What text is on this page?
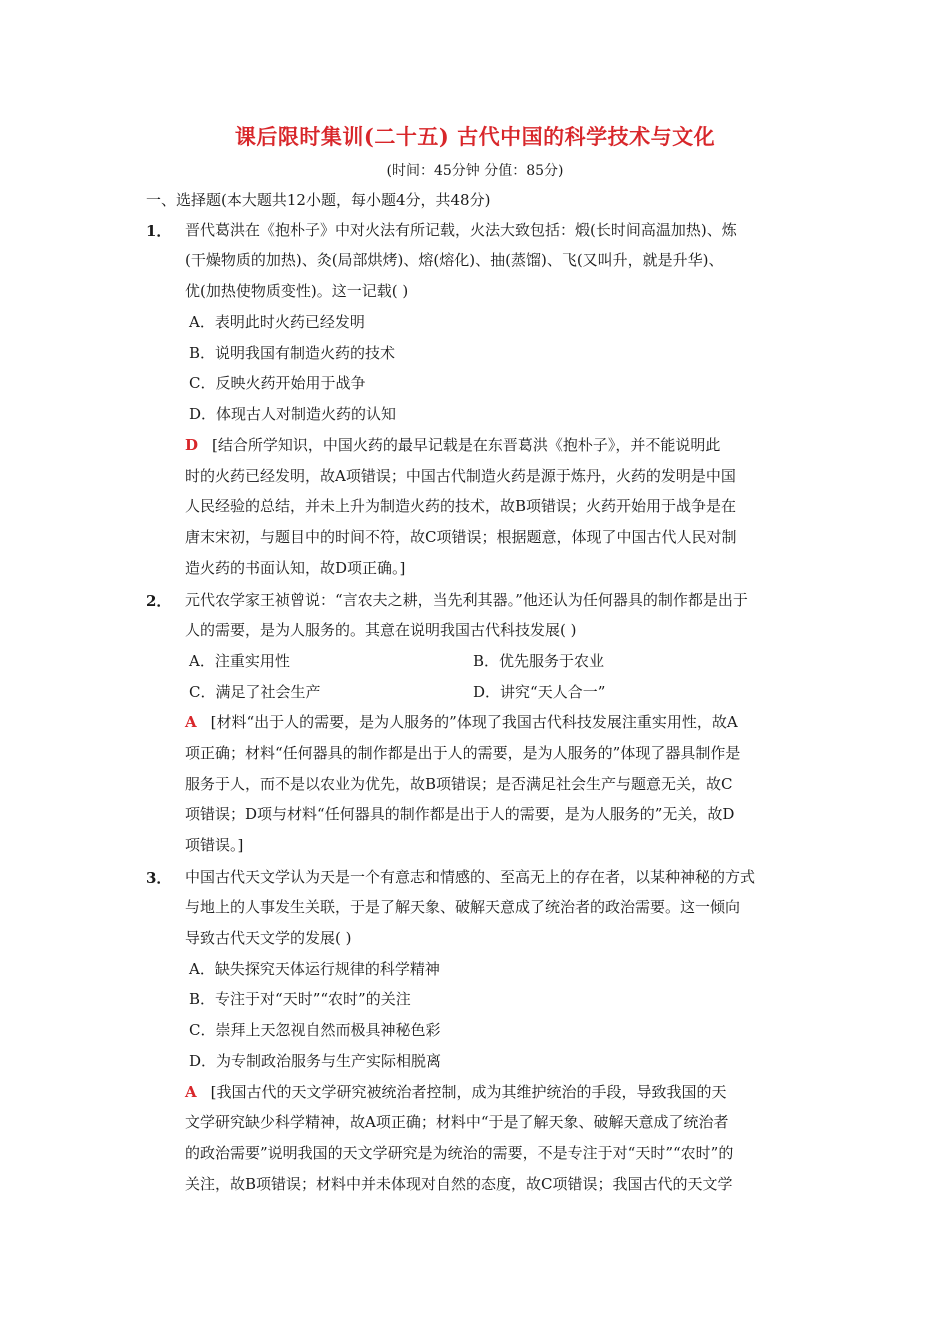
课后限时集训(二十五) 古代中国的科学技术与文化
(时间：45分钟 分值：85分)
一、选择题(本大题共12小题，每小题4分，共48分)
1． 晋代葛洪在《抱朴子》中对火法有所记载，火法大致包括：煅(长时间高温加热)、炼
(干燥物质的加热)、灸(局部烘烤)、熔(熔化)、抽(蒸馏)、飞(又叫升，就是升华)、
优(加热使物质变性)。这一记载( )
A．表明此时火药已经发明
B．说明我国有制造火药的技术
C．反映火药开始用于战争
D．体现古人对制造火药的认知
D [结合所学知识，中国火药的最早记载是在东晋葛洪《抱朴子》，并不能说明此
时的火药已经发明，故A项错误；中国古代制造火药是源于炼丹，火药的发明是中国
人民经验的总结，并未上升为制造火药的技术，故B项错误；火药开始用于战争是在
唐末宋初，与题目中的时间不符，故C项错误；根据题意，体现了中国古代人民对制
造火药的书面认知，故D项正确。]
2． 元代农学家王祯曾说：“言农夫之耕，当先利其器。”他还认为任何器具的制作都是出于
人的需要，是为人服务的。其意在说明我国古代科技发展( )
A．注重实用性	B．优先服务于农业
C．满足了社会生产	D．讲究“天人合一”
A [材料“出于人的需要，是为人服务的”体现了我国古代科技发展注重实用性，故A
项正确；材料“任何器具的制作都是出于人的需要，是为人服务的”体现了器具制作是
服务于人，而不是以农业为优先，故B项错误；是否满足社会生产与题意无关，故C
项错误；D项与材料“任何器具的制作都是出于人的需要，是为人服务的”无关，故D
项错误。]
3． 中国古代天文学认为天是一个有意志和情感的、至高无上的存在者，以某种神秘的方式
与地上的人事发生关联，于是了解天象、破解天意成了统治者的政治需要。这一倾向
导致古代天文学的发展( )
A．缺失探究天体运行规律的科学精神
B．专注于对“天时”“农时”的关注
C．崇拜上天忽视自然而极具神秘色彩
D．为专制政治服务与生产实际相脱离
A [我国古代的天文学研究被统治者控制，成为其维护统治的手段，导致我国的天
文学研究缺少科学精神，故A项正确；材料中“于是了解天象、破解天意成了统治者
的政治需要”说明我国的天文学研究是为统治的需要，不是专注于对“天时”“农时”的
关注，故B项错误；材料中并未体现对自然的态度，故C项错误；我国古代的天文学
